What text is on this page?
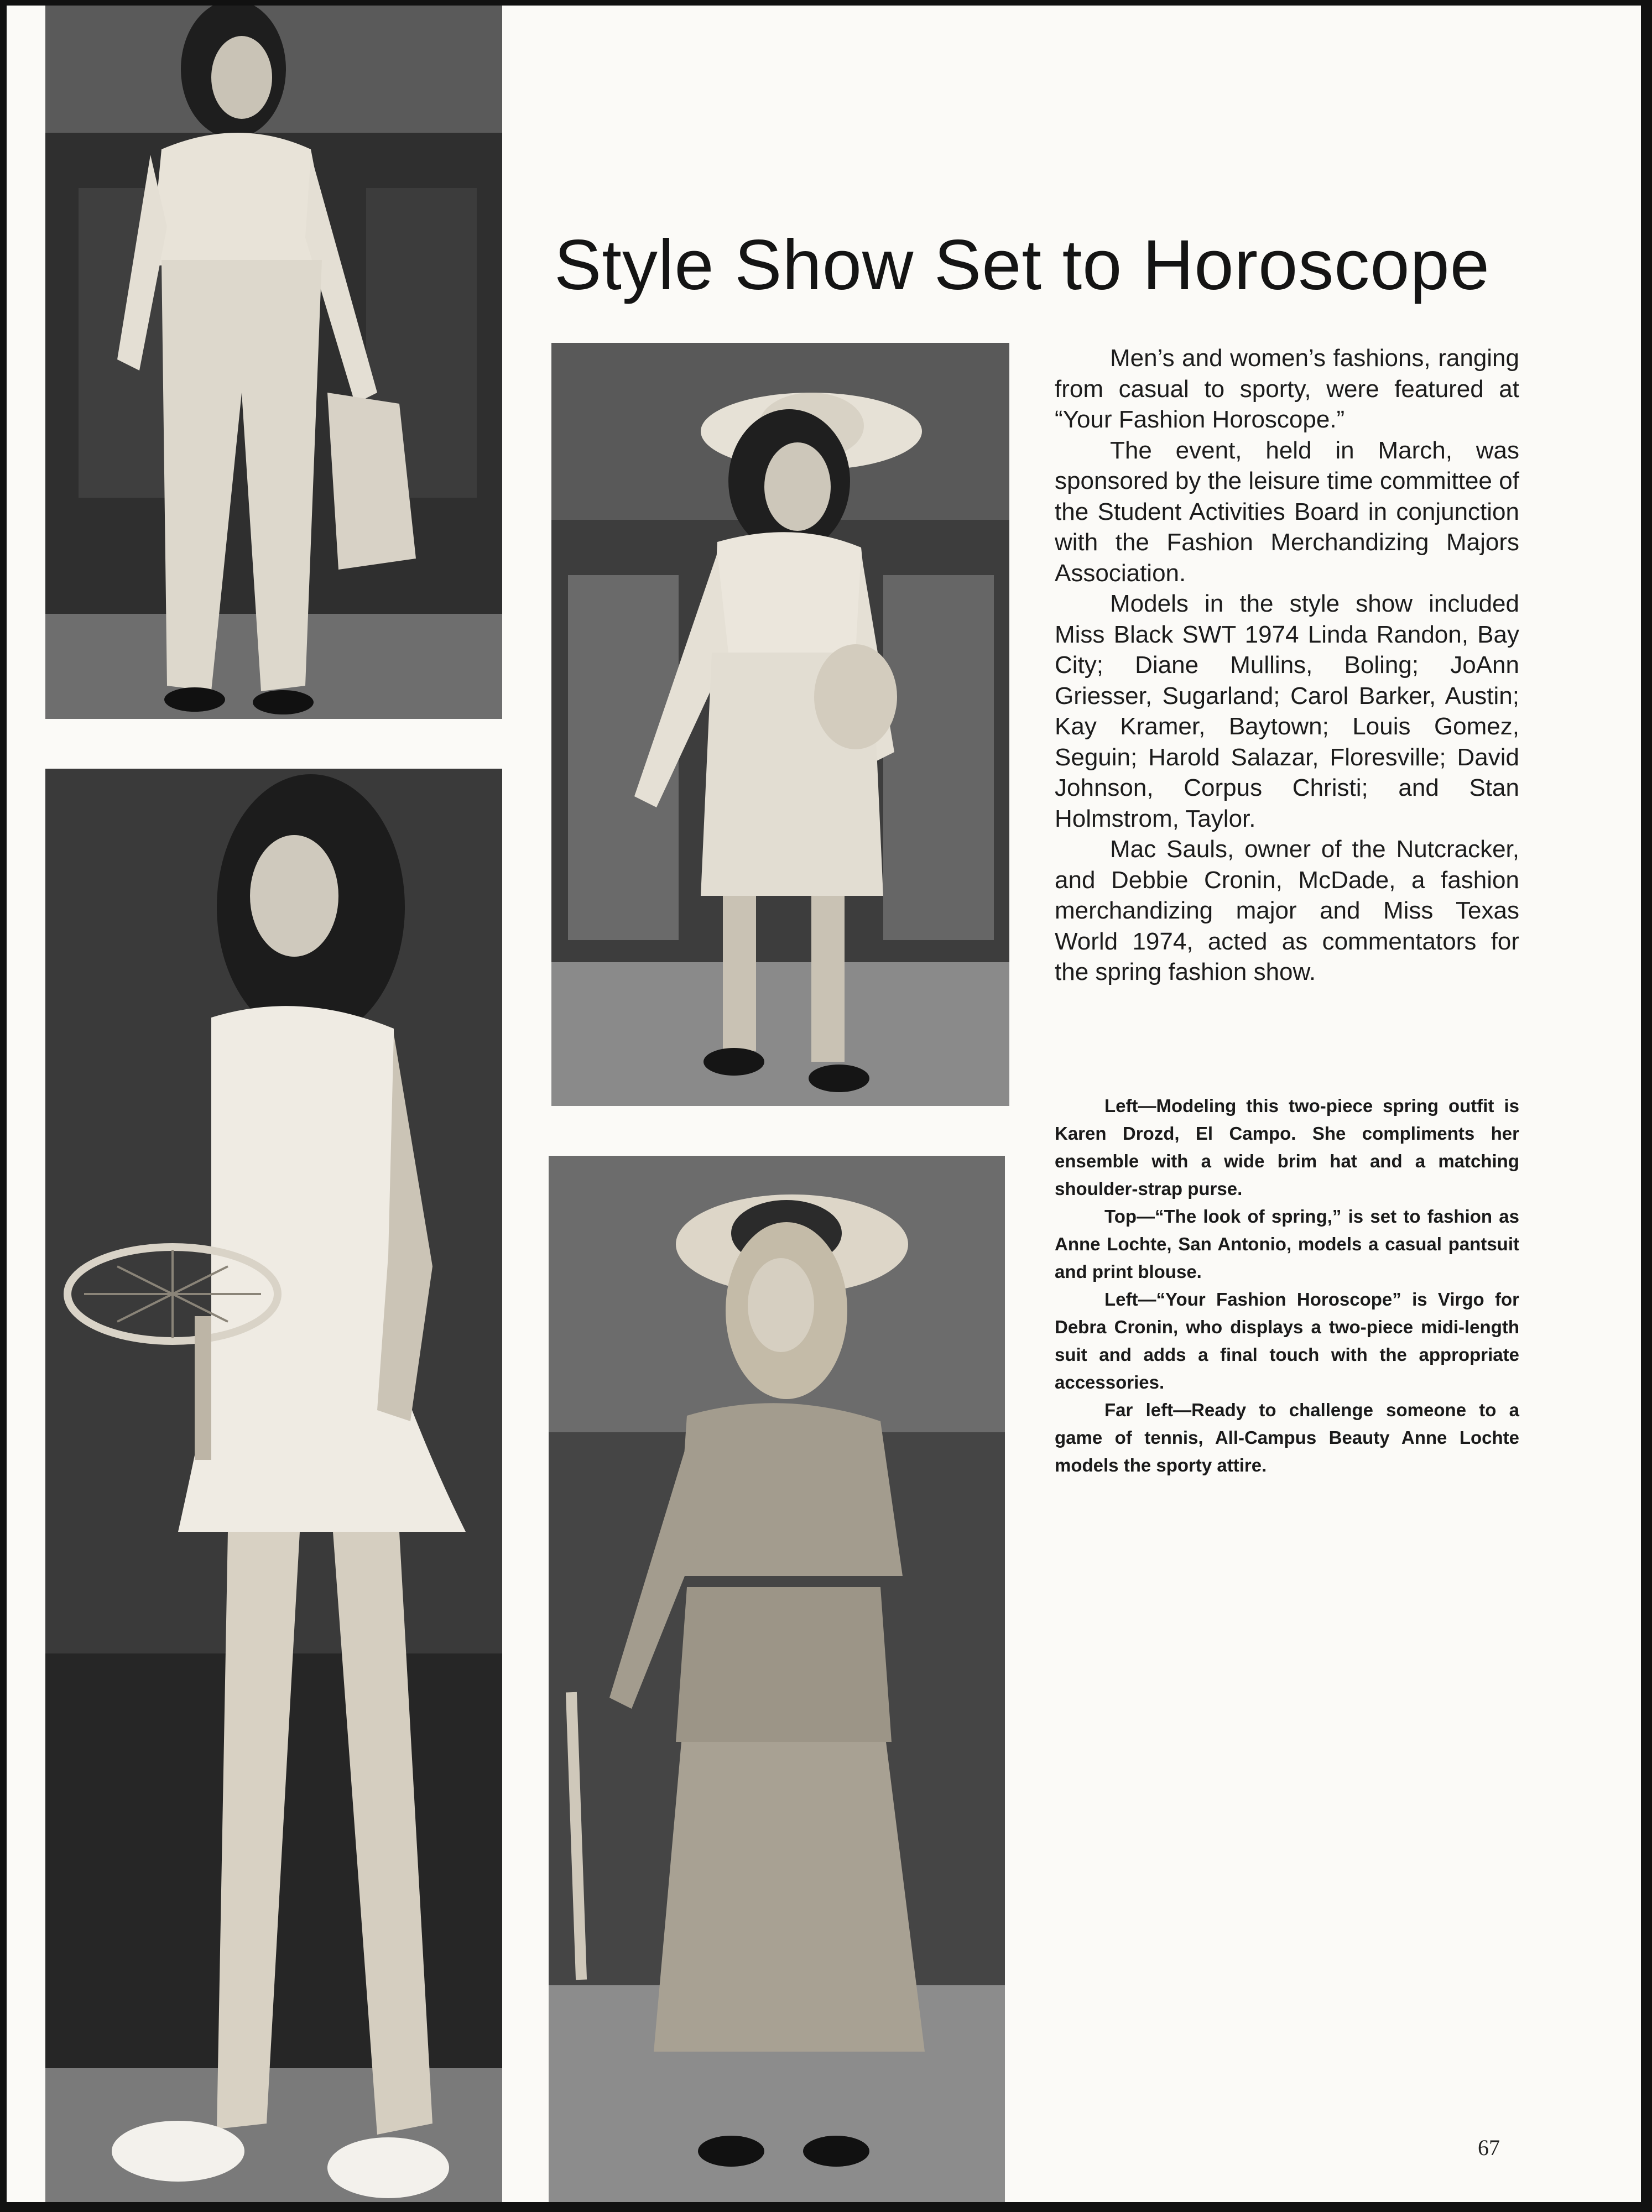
Style Show Set to Horoscope

Men’s and women’s fashions, ranging from casual to sporty, were featured at “Your Fashion Horoscope.”

The event, held in March, was sponsored by the leisure time committee of the Student Activities Board in conjunction with the Fashion Merchandizing Majors Association.

Models in the style show included Miss Black SWT 1974 Linda Randon, Bay City; Diane Mullins, Boling; JoAnn Griesser, Sugarland; Carol Barker, Austin; Kay Kramer, Baytown; Louis Gomez, Seguin; Harold Salazar, Floresville; David Johnson, Corpus Christi; and Stan Holmstrom, Taylor.

Mac Sauls, owner of the Nutcracker, and Debbie Cronin, McDade, a fashion merchandizing major and Miss Texas World 1974, acted as commentators for the spring fashion show.

Left—Modeling this two-piece spring outfit is Karen Drozd, El Campo. She compliments her ensemble with a wide brim hat and a matching shoulder-strap purse.

Top—“The look of spring,” is set to fashion as Anne Lochte, San Antonio, models a casual pantsuit and print blouse.

Left—“Your Fashion Horoscope” is Virgo for Debra Cronin, who displays a two-piece midi-length suit and adds a final touch with the appropriate accessories.

Far left—Ready to challenge someone to a game of tennis, All-Campus Beauty Anne Lochte models the sporty attire.

67
